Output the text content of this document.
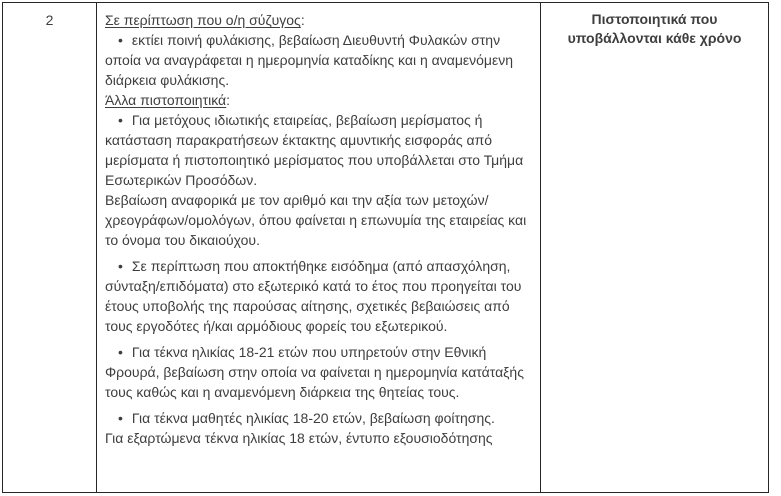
2	Σε περίπτωση που ο/η σύζυγος:

• εκτίει ποινή φυλάκισης, βεβαίωση Διευθυντή Φυλακών στην οποία να αναγράφεται η ημερομηνία καταδίκης και η αναμενόμενη διάρκεια φυλάκισης.

Άλλα πιστοποιητικά:

• Για μετόχους ιδιωτικής εταιρείας, βεβαίωση μερίσματος ή κατάσταση παρακρατήσεων έκτακτης αμυντικής εισφοράς από μερίσματα ή πιστοποιητικό μερίσματος που υποβάλλεται στο Τμήμα Εσωτερικών Προσόδων.

Βεβαίωση αναφορικά με τον αριθμό και την αξία των μετοχών/ χρεογράφων/ομολόγων, όπου φαίνεται η επωνυμία της εταιρείας και το όνομα του δικαιούχου.

• Σε περίπτωση που αποκτήθηκε εισόδημα (από απασχόληση, σύνταξη/επιδόματα) στο εξωτερικό κατά το έτος που προηγείται του έτους υποβολής της παρούσας αίτησης, σχετικές βεβαιώσεις από τους εργοδότες ή/και αρμόδιους φορείς του εξωτερικού.

• Για τέκνα ηλικίας 18-21 ετών που υπηρετούν στην Εθνική Φρουρά, βεβαίωση στην οποία να φαίνεται η ημερομηνία κατάταξής τους καθώς και η αναμενόμενη διάρκεια της θητείας τους.

• Για τέκνα μαθητές ηλικίας 18-20 ετών, βεβαίωση φοίτησης.

Για εξαρτώμενα τέκνα ηλικίας 18 ετών, έντυπο εξουσιοδότησης

Πιστοποιητικά που υποβάλλονται κάθε χρόνο
